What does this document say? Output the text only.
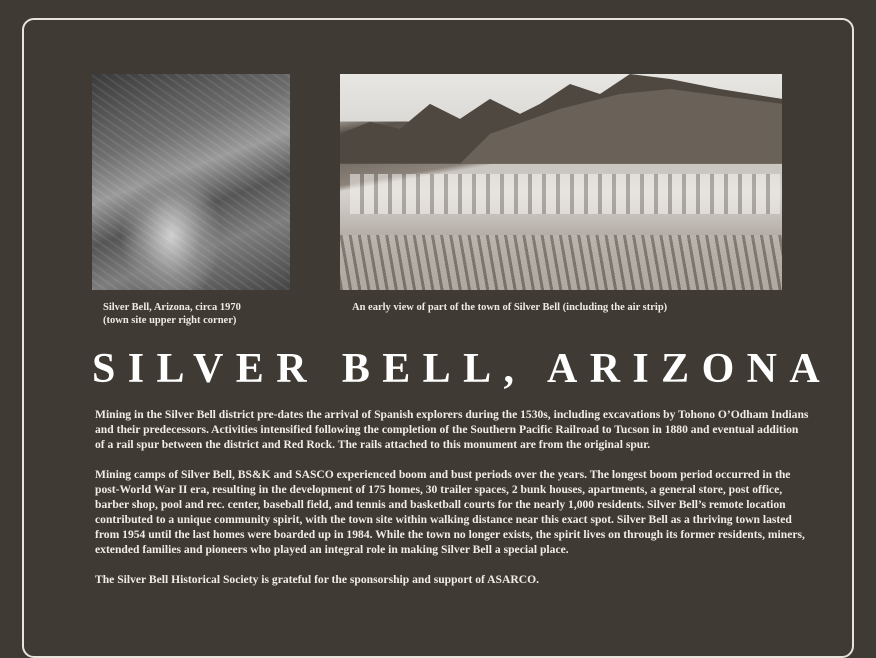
Silver Bell, Arizona, circa 1970
(town site upper right corner)
An early view of part of the town of Silver Bell (including the air strip)
SILVER BELL, ARIZONA

Mining in the Silver Bell district pre-dates the arrival of Spanish explorers during the 1530s, including excavations by Tohono O’Odham Indians and their predecessors. Activities intensified following the completion of the Southern Pacific Railroad to Tucson in 1880 and eventual addition of a rail spur between the district and Red Rock. The rails attached to this monument are from the original spur.

Mining camps of Silver Bell, BS&K and SASCO experienced boom and bust periods over the years. The longest boom period occurred in the post-World War II era, resulting in the development of 175 homes, 30 trailer spaces, 2 bunk houses, apartments, a general store, post office, barber shop, pool and rec. center, baseball field, and tennis and basketball courts for the nearly 1,000 residents. Silver Bell’s remote location contributed to a unique community spirit, with the town site within walking distance near this exact spot. Silver Bell as a thriving town lasted from 1954 until the last homes were boarded up in 1984. While the town no longer exists, the spirit lives on through its former residents, miners, extended families and pioneers who played an integral role in making Silver Bell a special place.

The Silver Bell Historical Society is grateful for the sponsorship and support of ASARCO.
